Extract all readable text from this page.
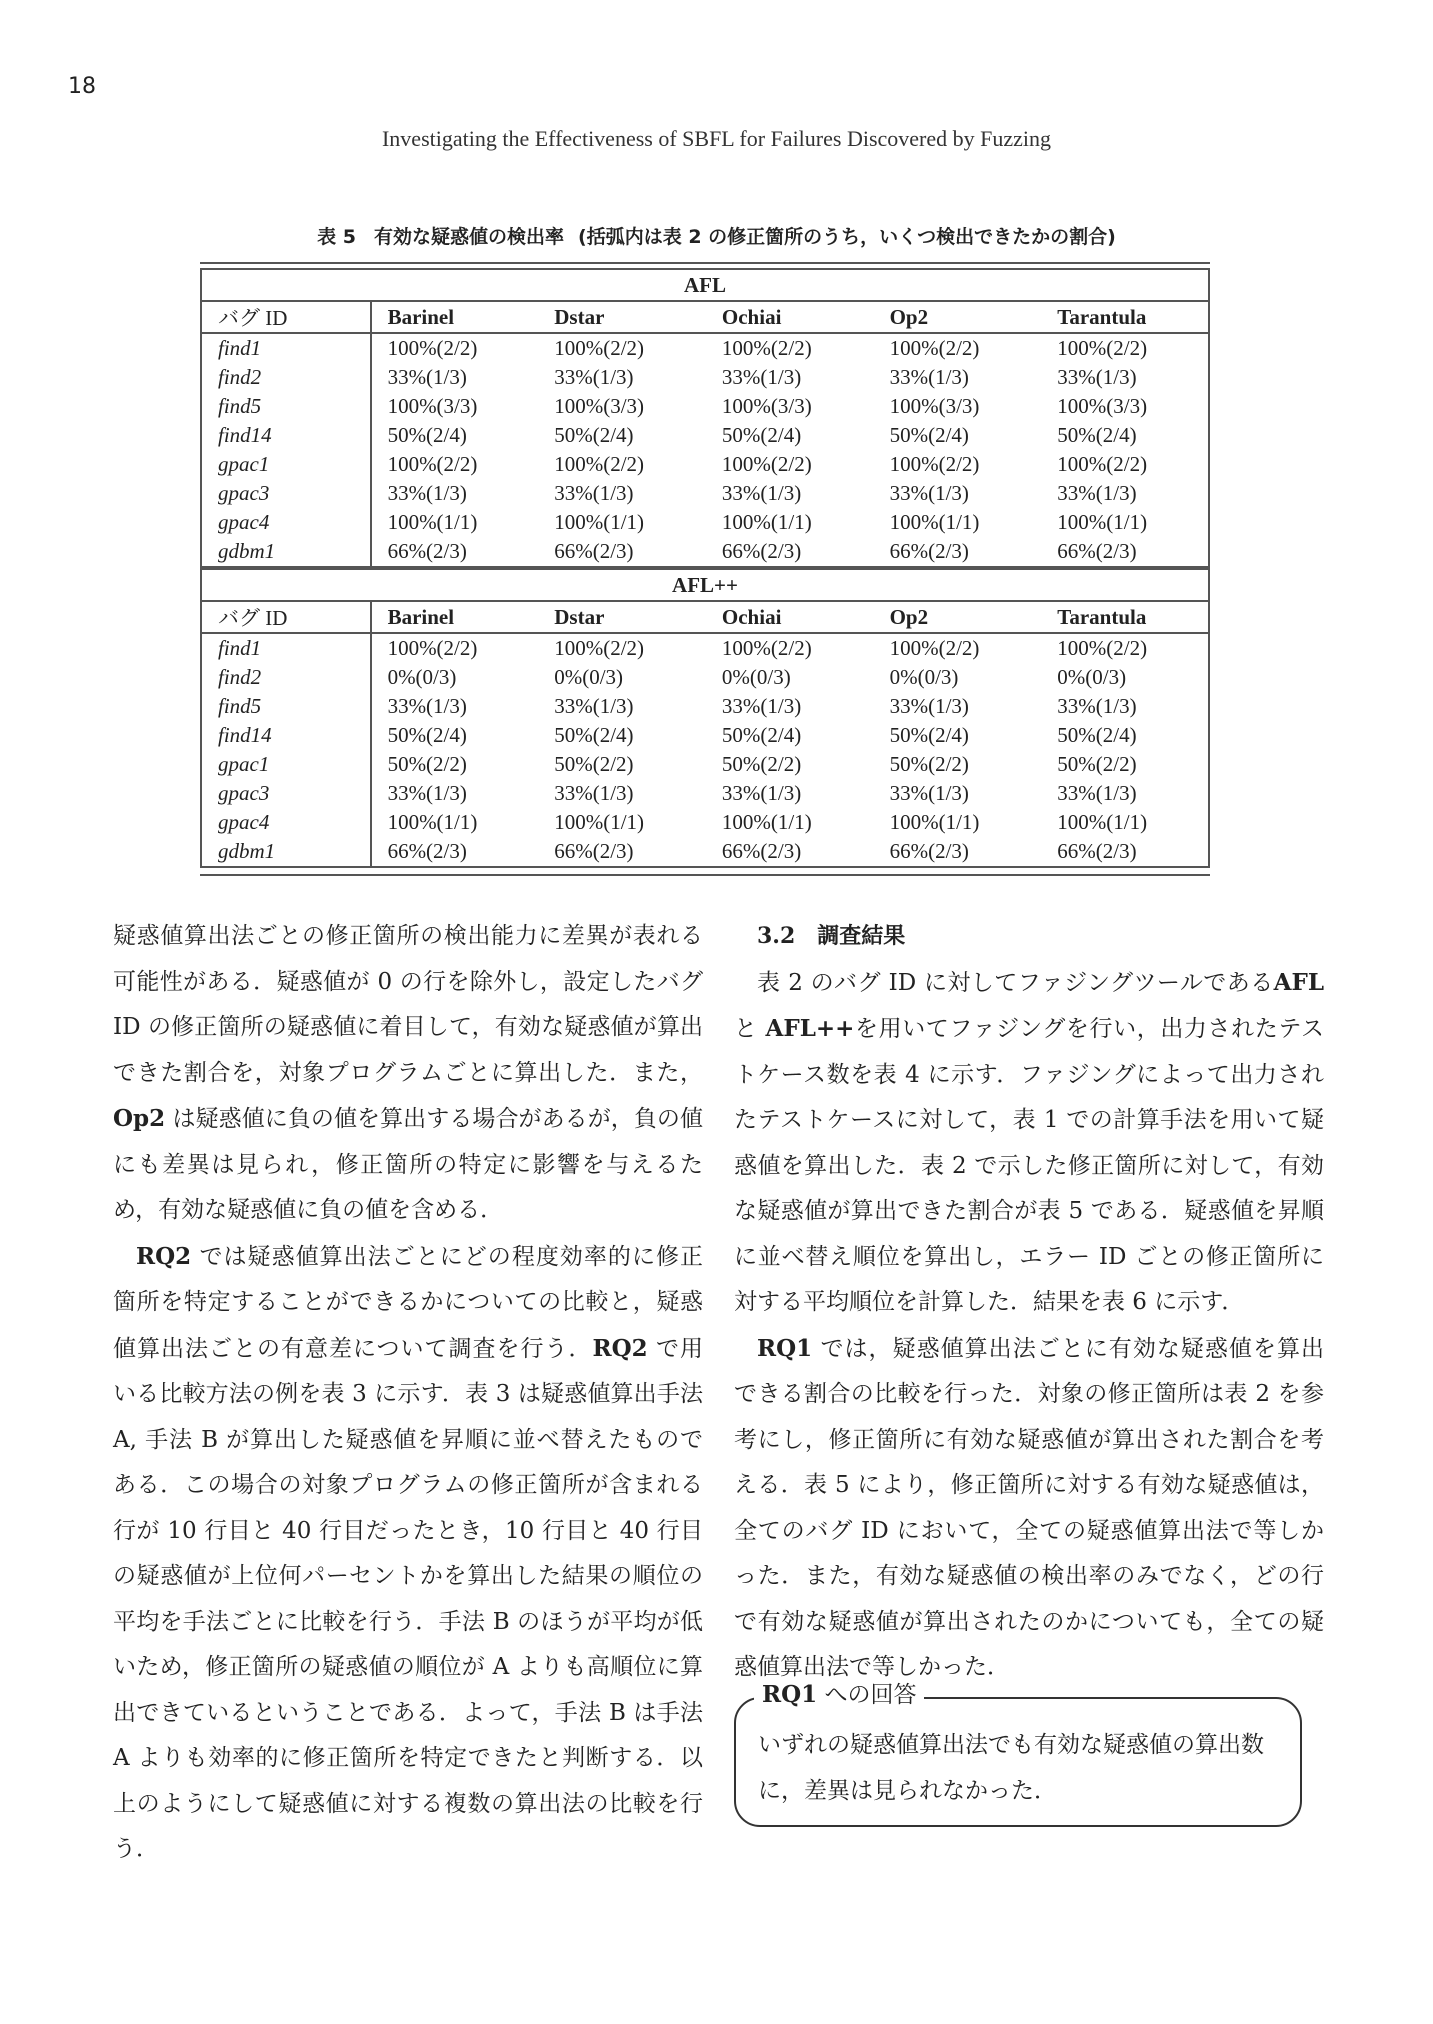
18
Investigating the Effectiveness of SBFL for Failures Discovered by Fuzzing
表 5 有効な疑惑値の検出率 (括弧内は表 2 の修正箇所のうち，いくつ検出できたかの割合)
AFL					
バグ ID	Barinel	Dstar	Ochiai	Op2	Tarantula
find1	100%(2/2)	100%(2/2)	100%(2/2)	100%(2/2)	100%(2/2)
find2	33%(1/3)	33%(1/3)	33%(1/3)	33%(1/3)	33%(1/3)
find5	100%(3/3)	100%(3/3)	100%(3/3)	100%(3/3)	100%(3/3)
find14	50%(2/4)	50%(2/4)	50%(2/4)	50%(2/4)	50%(2/4)
gpac1	100%(2/2)	100%(2/2)	100%(2/2)	100%(2/2)	100%(2/2)
gpac3	33%(1/3)	33%(1/3)	33%(1/3)	33%(1/3)	33%(1/3)
gpac4	100%(1/1)	100%(1/1)	100%(1/1)	100%(1/1)	100%(1/1)
gdbm1	66%(2/3)	66%(2/3)	66%(2/3)	66%(2/3)	66%(2/3)
AFL++					
バグ ID	Barinel	Dstar	Ochiai	Op2	Tarantula
find1	100%(2/2)	100%(2/2)	100%(2/2)	100%(2/2)	100%(2/2)
find2	0%(0/3)	0%(0/3)	0%(0/3)	0%(0/3)	0%(0/3)
find5	33%(1/3)	33%(1/3)	33%(1/3)	33%(1/3)	33%(1/3)
find14	50%(2/4)	50%(2/4)	50%(2/4)	50%(2/4)	50%(2/4)
gpac1	50%(2/2)	50%(2/2)	50%(2/2)	50%(2/2)	50%(2/2)
gpac3	33%(1/3)	33%(1/3)	33%(1/3)	33%(1/3)	33%(1/3)
gpac4	100%(1/1)	100%(1/1)	100%(1/1)	100%(1/1)	100%(1/1)
gdbm1	66%(2/3)	66%(2/3)	66%(2/3)	66%(2/3)	66%(2/3)

疑惑値算出法ごとの修正箇所の検出能力に差異が表れる可能性がある．疑惑値が 0 の行を除外し，設定したバグ ID の修正箇所の疑惑値に着目して，有効な疑惑値が算出できた割合を，対象プログラムごとに算出した．また，Op2 は疑惑値に負の値を算出する場合があるが，負の値にも差異は見られ，修正箇所の特定に影響を与えるため，有効な疑惑値に負の値を含める．

RQ2 では疑惑値算出法ごとにどの程度効率的に修正箇所を特定することができるかについての比較と，疑惑値算出法ごとの有意差について調査を行う．RQ2 で用いる比較方法の例を表 3 に示す．表 3 は疑惑値算出手法 A, 手法 B が算出した疑惑値を昇順に並べ替えたものである．この場合の対象プログラムの修正箇所が含まれる行が 10 行目と 40 行目だったとき，10 行目と 40 行目の疑惑値が上位何パーセントかを算出した結果の順位の平均を手法ごとに比較を行う．手法 B のほうが平均が低いため，修正箇所の疑惑値の順位が A よりも高順位に算出できているということである．よって，手法 B は手法 A よりも効率的に修正箇所を特定できたと判断する．以上のようにして疑惑値に対する複数の算出法の比較を行う．

3.2 調査結果

表 2 のバグ ID に対してファジングツールであるAFL と AFL++を用いてファジングを行い，出力されたテストケース数を表 4 に示す．ファジングによって出力されたテストケースに対して，表 1 での計算手法を用いて疑惑値を算出した．表 2 で示した修正箇所に対して，有効な疑惑値が算出できた割合が表 5 である．疑惑値を昇順に並べ替え順位を算出し，エラー ID ごとの修正箇所に対する平均順位を計算した．結果を表 6 に示す．

RQ1 では，疑惑値算出法ごとに有効な疑惑値を算出できる割合の比較を行った．対象の修正箇所は表 2 を参考にし，修正箇所に有効な疑惑値が算出された割合を考える．表 5 により，修正箇所に対する有効な疑惑値は，全てのバグ ID において，全ての疑惑値算出法で等しかった．また，有効な疑惑値の検出率のみでなく，どの行で有効な疑惑値が算出されたのかについても，全ての疑惑値算出法で等しかった．

RQ1 への回答
いずれの疑惑値算出法でも有効な疑惑値の算出数に，差異は見られなかった．
